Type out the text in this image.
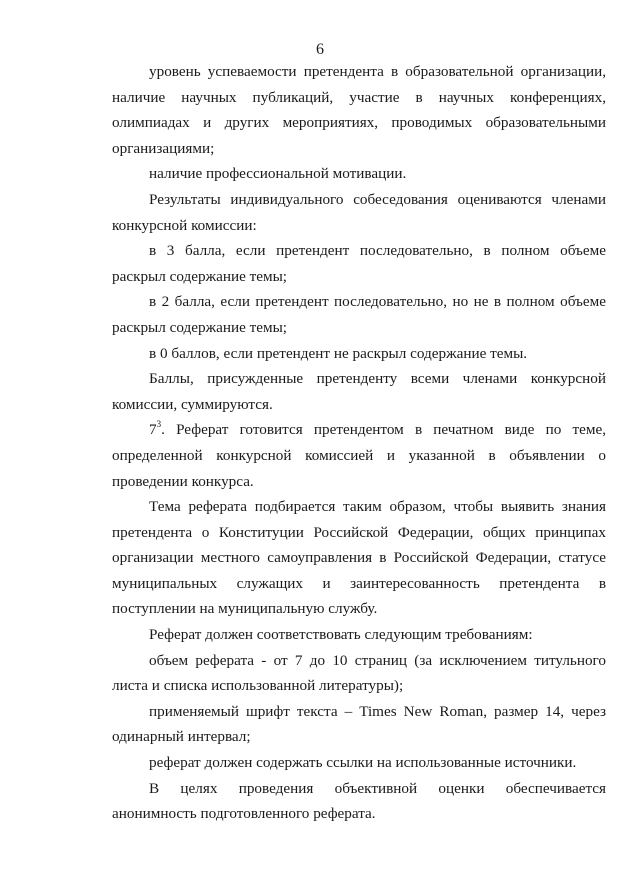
6

уровень успеваемости претендента в образовательной организации, наличие научных публикаций, участие в научных конференциях, олимпиадах и других мероприятиях, проводимых образовательными организациями;

наличие профессиональной мотивации.

Результаты индивидуального собеседования оцениваются членами конкурсной комиссии:

в 3 балла, если претендент последовательно, в полном объеме раскрыл содержание темы;

в 2 балла, если претендент последовательно, но не в полном объеме раскрыл содержание темы;

в 0 баллов, если претендент не раскрыл содержание темы.

Баллы, присужденные претенденту всеми членами конкурсной комиссии, суммируются.

$7^3$. Реферат готовится претендентом в печатном виде по теме, определенной конкурсной комиссией и указанной в объявлении о проведении конкурса.

Тема реферата подбирается таким образом, чтобы выявить знания претендента о Конституции Российской Федерации, общих принципах организации местного самоуправления в Российской Федерации, статусе муниципальных служащих и заинтересованность претендента в поступлении на муниципальную службу.

Реферат должен соответствовать следующим требованиям:

объем реферата - от 7 до 10 страниц (за исключением титульного листа и списка использованной литературы);

применяемый шрифт текста – Times New Roman, размер 14, через одинарный интервал;

реферат должен содержать ссылки на использованные источники.

В целях проведения объективной оценки обеспечивается анонимность подготовленного реферата.
